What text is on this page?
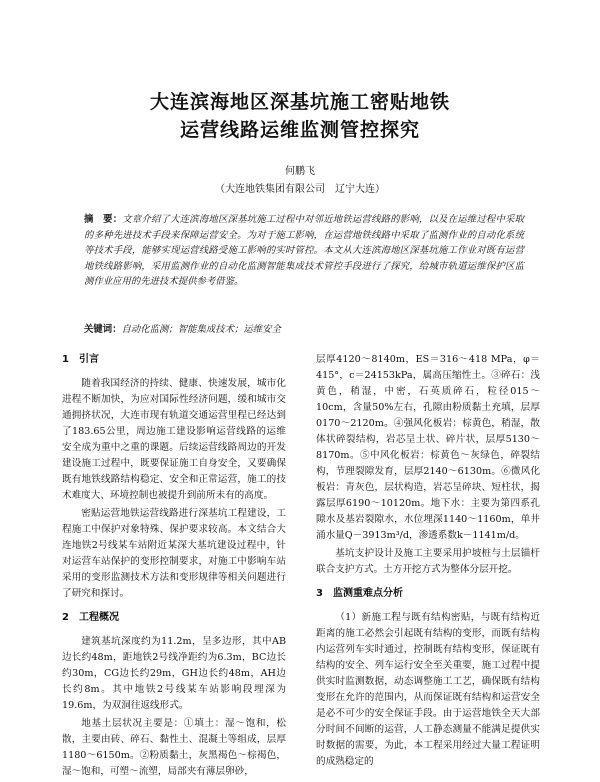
大连滨海地区深基坑施工密贴地铁
运营线路运维监测管控探究
何鹏飞
（大连地铁集团有限公司　辽宁大连）
摘　要：文章介绍了大连滨海地区深基坑施工过程中对邻近地铁运营线路的影响，以及在运维过程中采取的多种先进技术手段来保障运营安全。为对于施工影响，在运营地铁线路中采取了监测作业的自动化系统等技术手段，能够实现运营线路受施工影响的实时管控。本文从大连滨海地区深基坑施工作业对既有运营地铁线路影响，采用监测作业的自动化监测智能集成技术管控手段进行了探究，给城市轨道运维保护区监测作业应用的先进技术提供参考借鉴。
关键词：自动化监测；智能集成技术；运维安全
1　引言

随着我国经济的持续、健康、快速发展，城市化进程不断加快，为应对国际性经济问题，缓和城市交通拥挤状况，大连市现有轨道交通运营里程已经达到了183.65公里，周边施工建设影响运营线路的运维安全成为重中之重的课题。后续运营线路周边的开发建设施工过程中，既要保证施工自身安全，又要确保既有地铁线路结构稳定、安全和正常运营，施工的技术难度大、环境控制也被提升到前所未有的高度。

密贴运营地铁运营线路进行深基坑工程建设，工程施工中保护对象特殊、保护要求较高。本文结合大连地铁2号线某车站附近某深大基坑建设过程中，针对运营车站保护的变形控制要求，对施工中影响车站采用的变形监测技术方法和变形规律等相关问题进行了研究和探讨。

2　工程概况

建筑基坑深度约为11.2m，呈多边形，其中AB边长约48m，距地铁2号线净距约为6.3m，BC边长约30m，CG边长约29m，GH边长约48m，AH边长约8m。其中地铁2号线某车站影响段埋深为19.6m，为双洞往返线形式。

地基土层状况主要是：①填土：湿～饱和，松散，主要由砖、碎石、黏性土、混凝土等组成，层厚1180～6150m。②粉质黏土，灰黑褐色～棕褐色，湿～饱和，可塑～流塑，局部夹有薄层卵砂，

层厚4120～8140m，ES＝316～418 MPa，φ＝415°，c＝24153kPa，属高压缩性土。③碎石：浅黄色，稍湿，中密，石英质碎石，粒径015～10cm，含量50%左右，孔隙由粉质黏土充填，层厚0170～2120m。④强风化板岩：棕黄色，稍湿，散体状碎裂结构，岩芯呈土状、碎片状，层厚5130～8170m。⑤中风化板岩：棕黄色～灰绿色，碎裂结构，节理裂隙发育，层厚2140～6130m。⑥微风化板岩：青灰色，层状构造，岩芯呈碎块、短柱状，揭露层厚6190～10120m。地下水：主要为第四系孔隙水及基岩裂隙水，水位埋深1140～1160m，单井涌水量Q－3913m³/d，渗透系数k－1141m/d。

基坑支护设计及施工主要采用护坡桩与土层锚杆联合支护方式。土方开挖方式为整体分层开挖。

3　监测重难点分析

（1）新施工程与既有结构密贴，与既有结构近距离的施工必然会引起既有结构的变形，而既有结构内运营列车实时通过，控制既有结构变形，保证既有结构的安全、列车运行安全至关重要，施工过程中提供实时监测数据，动态调整施工工艺，确保既有结构变形在允许的范围内，从而保证既有结构和运营安全是必不可少的安全保证手段。由于运营地铁全天大部分时间不间断的运营，人工静态测量不能满足提供实时数据的需要，为此，本工程采用经过大量工程证明的成熟稳定的
